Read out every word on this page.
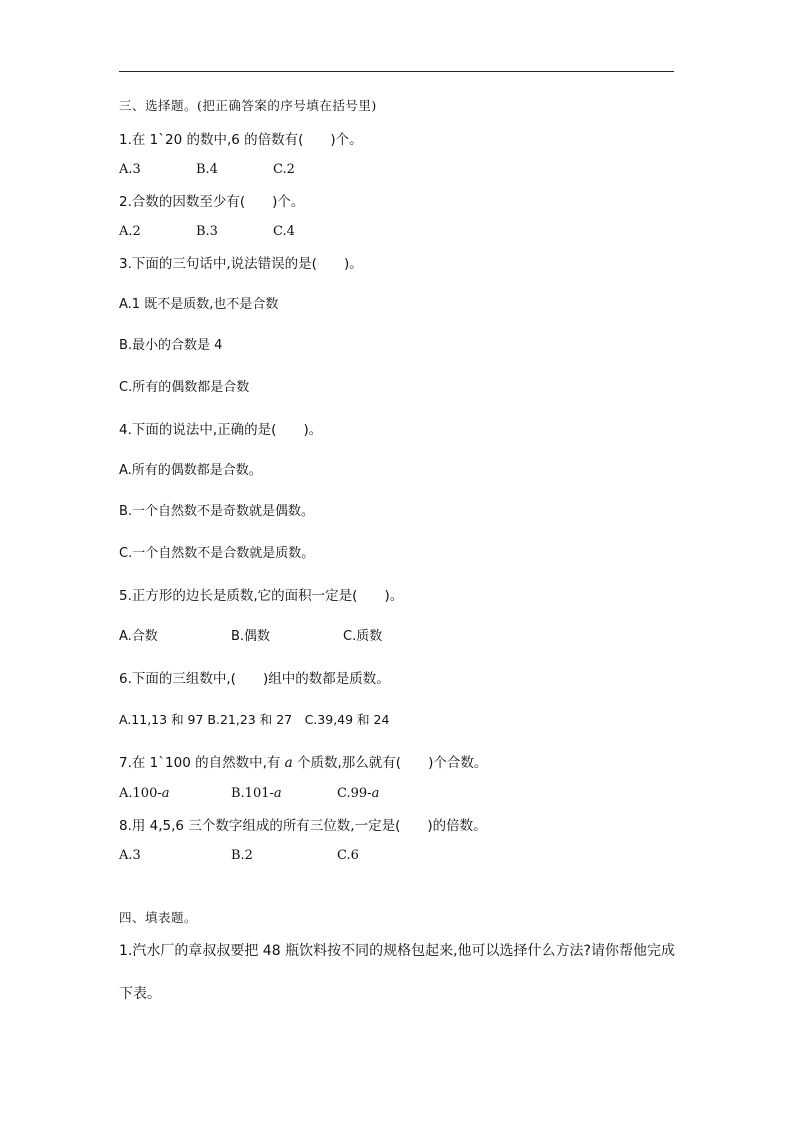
三、选择题。(把正确答案的序号填在括号里)
1.在 1`20 的数中,6 的倍数有(　　)个。
A.3	B.4	C.2
2.合数的因数至少有(　　)个。
A.2	B.3	C.4
3.下面的三句话中,说法错误的是(　　)。
A.1 既不是质数,也不是合数
B.最小的合数是 4
C.所有的偶数都是合数
4.下面的说法中,正确的是(　　)。
A.所有的偶数都是合数。
B.一个自然数不是奇数就是偶数。
C.一个自然数不是合数就是质数。
5.正方形的边长是质数,它的面积一定是(　　)。
A.合数	B.偶数	C.质数
6.下面的三组数中,(　　)组中的数都是质数。
A.11,13 和 97 B.21,23 和 27　C.39,49 和 24
7.在 1`100 的自然数中,有 a 个质数,那么就有(　　)个合数。
A.100-a	B.101-a	C.99-a
8.用 4,5,6 三个数字组成的所有三位数,一定是(　　)的倍数。
A.3	B.2	C.6
四、填表题。
1.汽水厂的章叔叔要把 48 瓶饮料按不同的规格包起来,他可以选择什么方法?请你帮他完成
下表。
